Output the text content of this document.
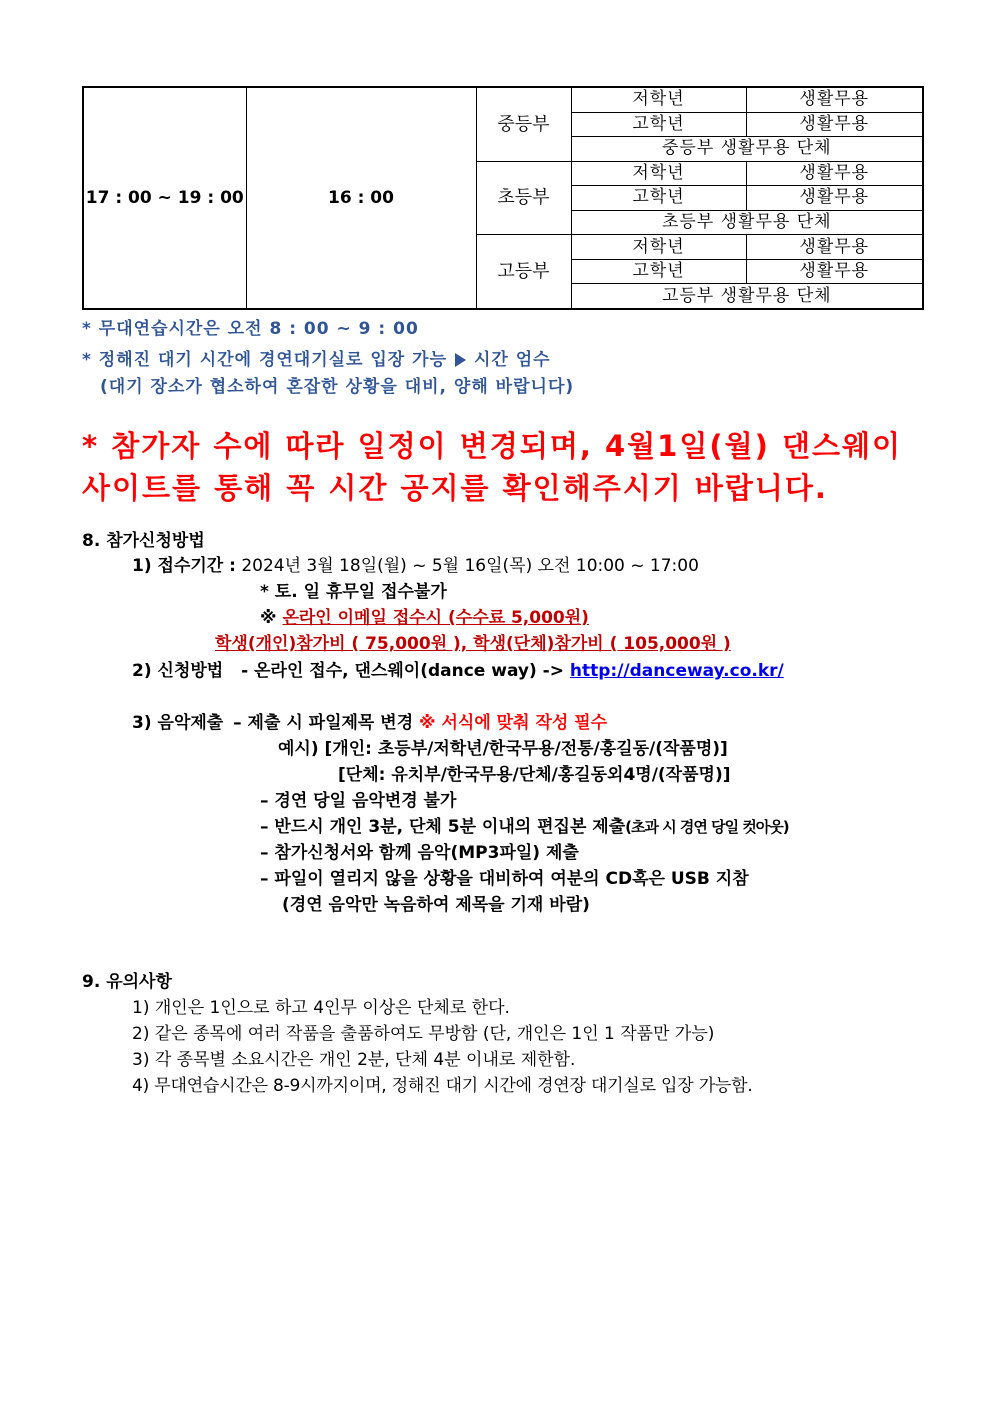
17 : 00 ~ 19 : 00	16 : 00	중등부	저학년	생활무용
			고학년	생활무용
			중등부 생활무용 단체	
		초등부	저학년	생활무용
			고학년	생활무용
			초등부 생활무용 단체	
		고등부	저학년	생활무용
			고학년	생활무용
			고등부 생활무용 단체	
* 무대연습시간은 오전 8 : 00 ~ 9 : 00
* 정해진 대기 시간에 경연대기실로 입장 가능 시간 엄수
(대기 장소가 협소하여 혼잡한 상황을 대비, 양해 바랍니다)
* 참가자 수에 따라 일정이 변경되며, 4월1일(월) 댄스웨이
사이트를 통해 꼭 시간 공지를 확인해주시기 바랍니다.
8. 참가신청방법
1) 접수기간 : 2024년 3월 18일(월) ~ 5월 16일(목) 오전 10:00 ~ 17:00
* 토. 일 휴무일 접수불가
※ 온라인 이메일 접수시 (수수료 5,000원)
학생(개인)참가비 ( 75,000원 ), 학생(단체)참가비 ( 105,000원 )
2) 신청방법 - 온라인 접수, 댄스웨이(dance way) -> http://danceway.co.kr/
3) 음악제출 – 제출 시 파일제목 변경 ※ 서식에 맞춰 작성 필수
예시) [개인: 초등부/저학년/한국무용/전통/홍길동/(작품명)]
[단체: 유치부/한국무용/단체/홍길동외4명/(작품명)]
– 경연 당일 음악변경 불가
– 반드시 개인 3분, 단체 5분 이내의 편집본 제출(초과 시 경연 당일 컷아웃)
– 참가신청서와 함께 음악(MP3파일) 제출
– 파일이 열리지 않을 상황을 대비하여 여분의 CD혹은 USB 지참
(경연 음악만 녹음하여 제목을 기재 바람)
9. 유의사항
1) 개인은 1인으로 하고 4인무 이상은 단체로 한다.
2) 같은 종목에 여러 작품을 출품하여도 무방함 (단, 개인은 1인 1 작품만 가능)
3) 각 종목별 소요시간은 개인 2분, 단체 4분 이내로 제한함.
4) 무대연습시간은 8-9시까지이며, 정해진 대기 시간에 경연장 대기실로 입장 가능함.
